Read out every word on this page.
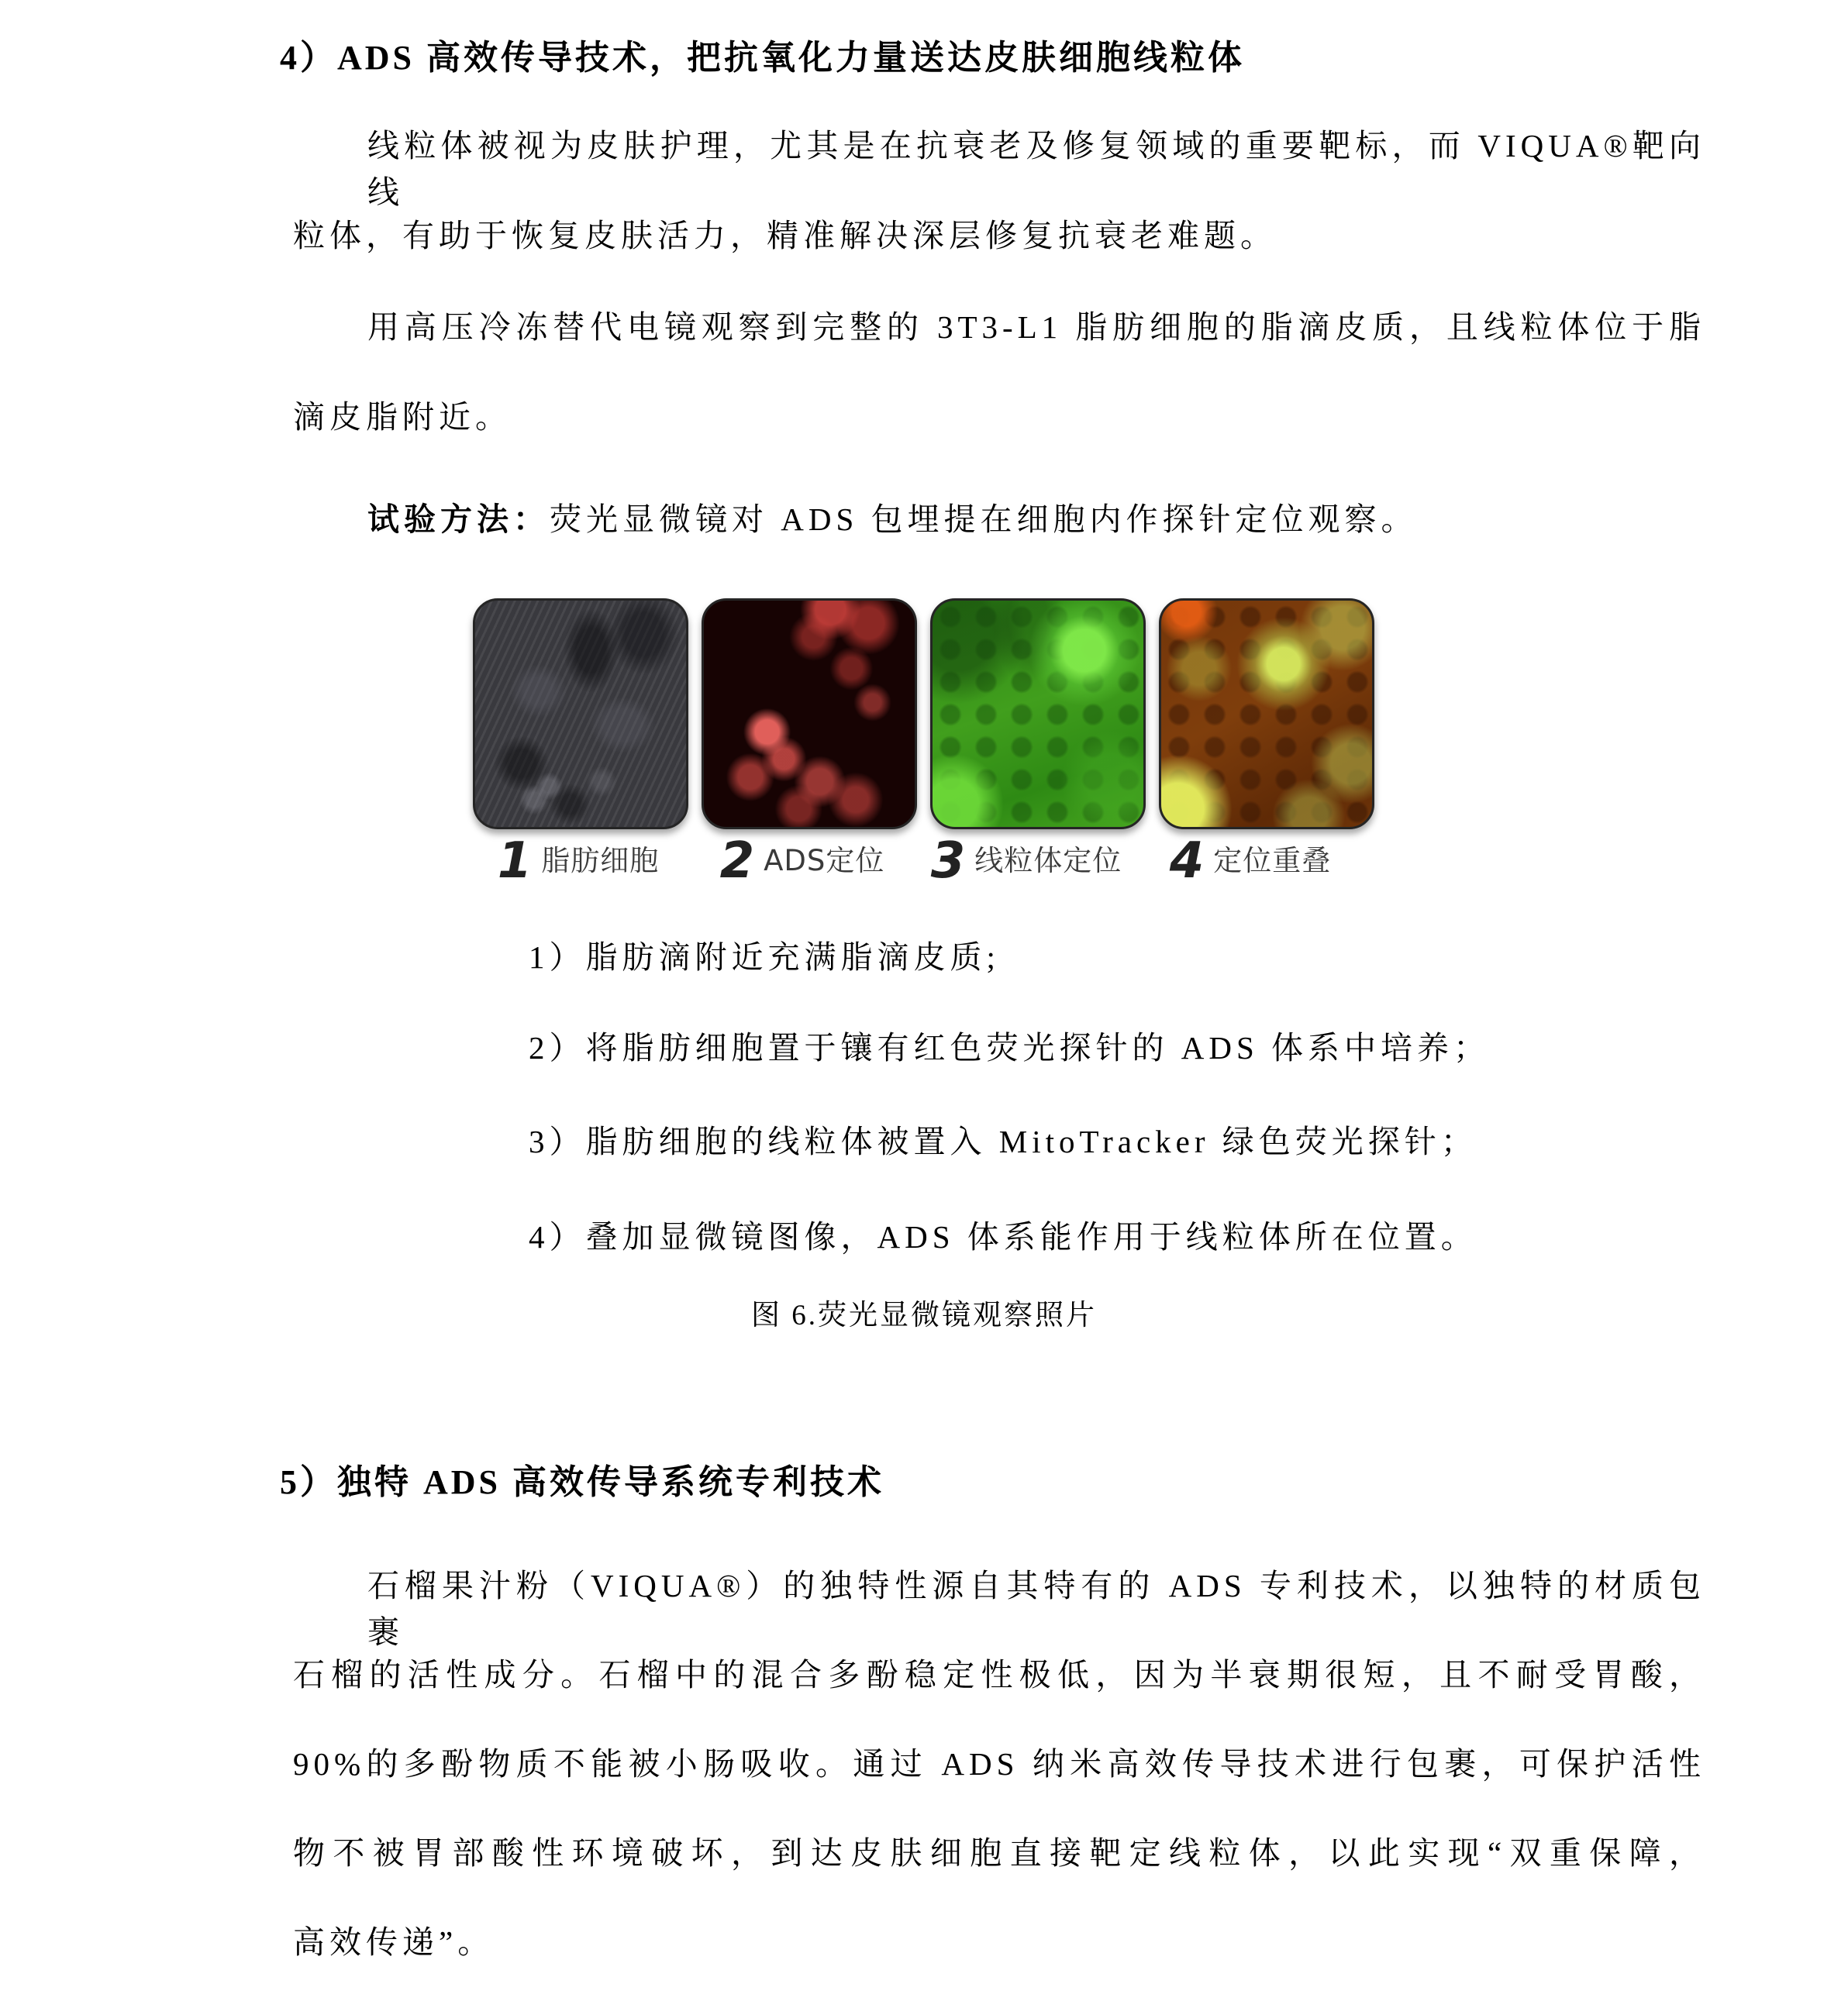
4）ADS 高效传导技术，把抗氧化力量送达皮肤细胞线粒体
线粒体被视为皮肤护理，尤其是在抗衰老及修复领域的重要靶标，而 VIQUA®靶向线
粒体，有助于恢复皮肤活力，精准解决深层修复抗衰老难题。
用高压冷冻替代电镜观察到完整的 3T3-L1 脂肪细胞的脂滴皮质，且线粒体位于脂
滴皮脂附近。
试验方法：荧光显微镜对 ADS 包埋提在细胞内作探针定位观察。
1 脂肪细胞 2 ADS定位 3 线粒体定位 4 定位重叠
1）脂肪滴附近充满脂滴皮质;
2）将脂肪细胞置于镶有红色荧光探针的 ADS 体系中培养；
3）脂肪细胞的线粒体被置入 MitoTracker 绿色荧光探针；
4）叠加显微镜图像，ADS 体系能作用于线粒体所在位置。
图 6.荧光显微镜观察照片
5）独特 ADS 高效传导系统专利技术
石榴果汁粉（VIQUA®）的独特性源自其特有的 ADS 专利技术，以独特的材质包裹
石榴的活性成分。石榴中的混合多酚稳定性极低，因为半衰期很短，且不耐受胃酸，
90%的多酚物质不能被小肠吸收。通过 ADS 纳米高效传导技术进行包裹，可保护活性
物不被胃部酸性环境破坏，到达皮肤细胞直接靶定线粒体，以此实现“双重保障，
高效传递”。
